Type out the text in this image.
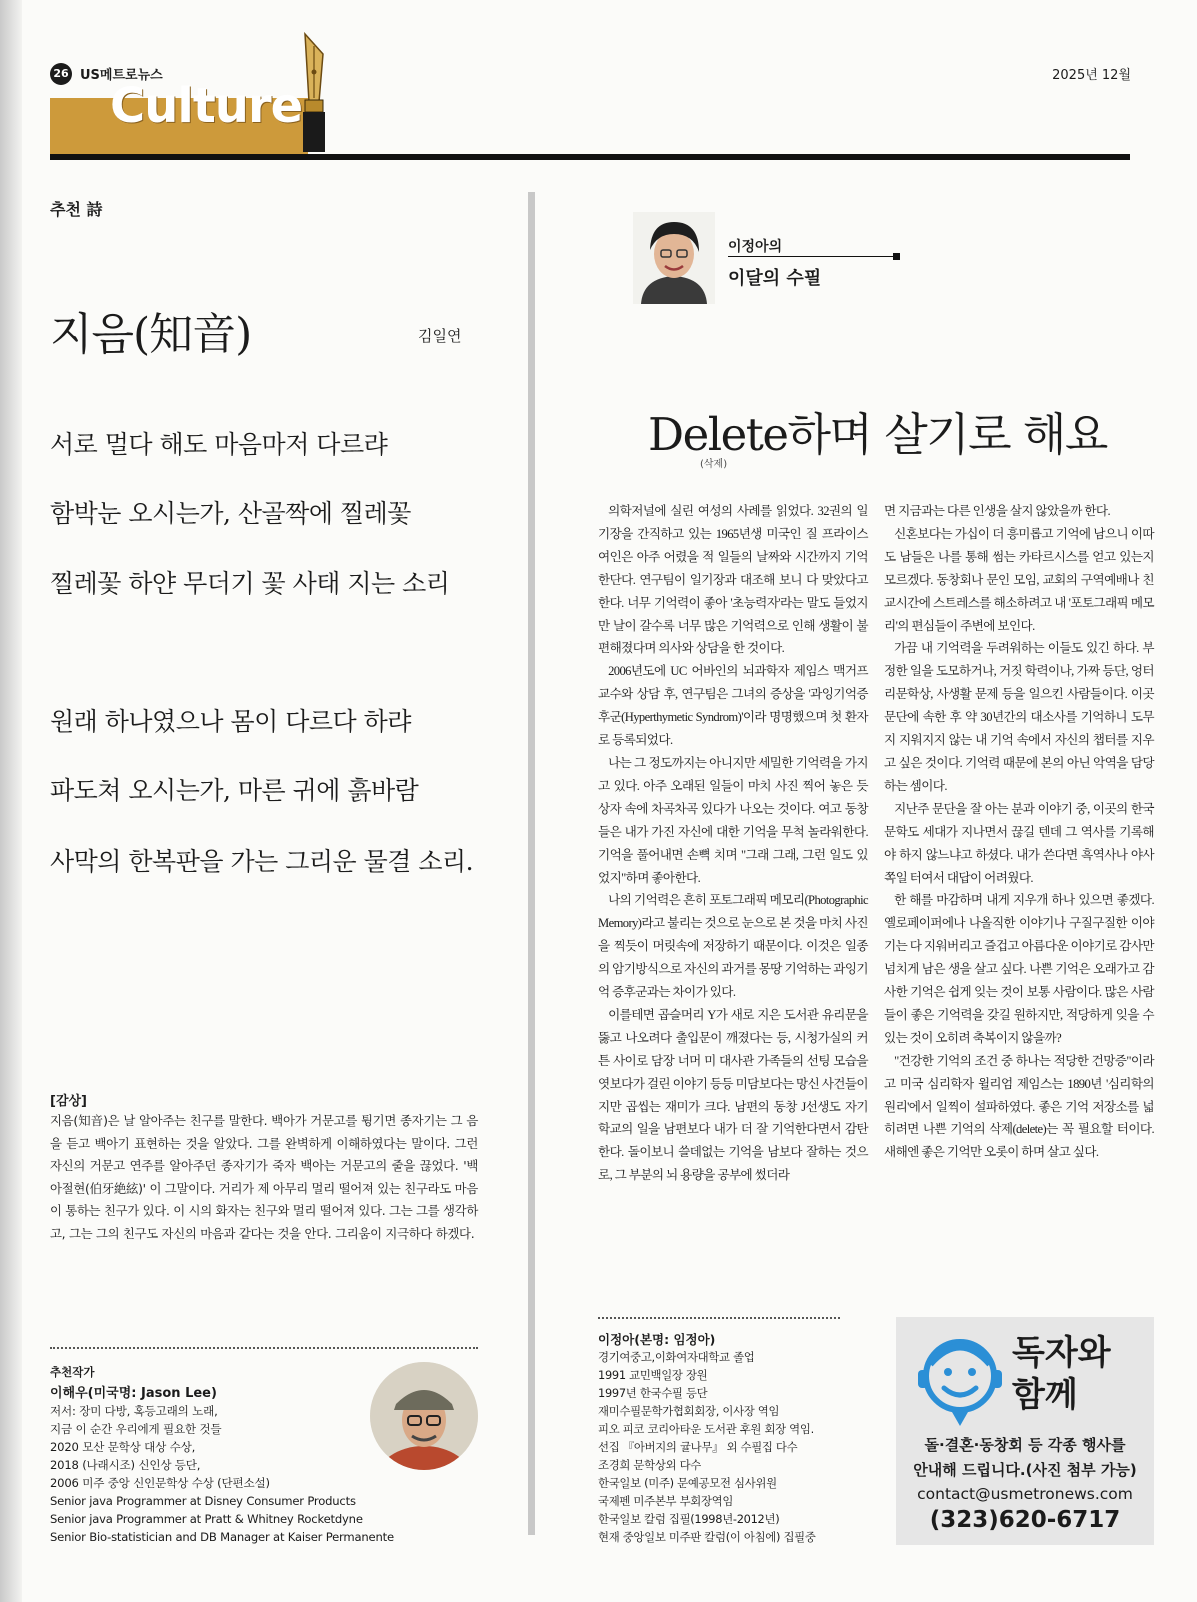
26 US메트로뉴스	2025년 12월
Culture
추천 詩
지음(知音)	김일연
서로 멀다 해도 마음마저 다르랴
함박눈 오시는가, 산골짝에 찔레꽃
찔레꽃 하얀 무더기 꽃 사태 지는 소리
원래 하나였으나 몸이 다르다 하랴
파도쳐 오시는가, 마른 귀에 흙바람
사막의 한복판을 가는 그리운 물결 소리.
[감상]
지음(知音)은 날 알아주는 친구를 말한다. 백아가 거문고를 튕기면 종자기는 그 음을 듣고 백아기 표현하는 것을 알았다. 그를 완벽하게 이해하였다는 말이다. 그런 자신의 거문고 연주를 알아주던 종자기가 죽자 백아는 거문고의 줄을 끊었다. '백아절현(伯牙絶絃)' 이 그말이다. 거리가 제 아무리 멀리 떨어져 있는 친구라도 마음이 통하는 친구가 있다. 이 시의 화자는 친구와 멀리 떨어져 있다. 그는 그를 생각하고, 그는 그의 친구도 자신의 마음과 같다는 것을 안다. 그리움이 지극하다 하겠다.
추천작가
이해우(미국명: Jason Lee)
저서: 장미 다방, 혹등고래의 노래,
지금 이 순간 우리에게 필요한 것들
2020 모산 문학상 대상 수상,
2018 (나래시조) 신인상 등단,
2006 미주 중앙 신인문학상 수상 (단편소설)
Senior java Programmer at Disney Consumer Products
Senior java Programmer at Pratt & Whitney Rocketdyne
Senior Bio-statistician and DB Manager at Kaiser Permanente
이정아의
이달의 수필
Delete하며 살기로 해요
(삭제)

의학저널에 실린 여성의 사례를 읽었다. 32권의 일기장을 간직하고 있는 1965년생 미국인 질 프라이스 여인은 아주 어렸을 적 일들의 날짜와 시간까지 기억한단다. 연구팀이 일기장과 대조해 보니 다 맞았다고 한다. 너무 기억력이 좋아 '초능력자'라는 말도 들었지만 날이 갈수록 너무 많은 기억력으로 인해 생활이 불편해졌다며 의사와 상담을 한 것이다.

2006년도에 UC 어바인의 뇌과학자 제임스 맥거프 교수와 상담 후, 연구팀은 그녀의 증상을 '과잉기억증후군(Hyperthymetic Syndrom)'이라 명명했으며 첫 환자로 등록되었다.

나는 그 정도까지는 아니지만 세밀한 기억력을 가지고 있다. 아주 오래된 일들이 마치 사진 찍어 놓은 듯 상자 속에 차곡차곡 있다가 나오는 것이다. 여고 동창들은 내가 가진 자신에 대한 기억을 무척 놀라워한다. 기억을 풀어내면 손뼉 치며 "그래 그래, 그런 일도 있었지"하며 좋아한다.

나의 기억력은 흔히 포토그래픽 메모리(Photographic Memory)라고 불리는 것으로 눈으로 본 것을 마치 사진을 찍듯이 머릿속에 저장하기 때문이다. 이것은 일종의 암기방식으로 자신의 과거를 몽땅 기억하는 과잉기억 증후군과는 차이가 있다.

이를테면 곱슬머리 Y가 새로 지은 도서관 유리문을 뚫고 나오려다 출입문이 깨졌다는 등, 시청가실의 커튼 사이로 담장 너머 미 대사관 가족들의 선팅 모습을 엿보다가 걸린 이야기 등등 미담보다는 망신 사건들이지만 곱씹는 재미가 크다. 남편의 동창 J선생도 자기 학교의 일을 남편보다 내가 더 잘 기억한다면서 감탄한다. 돌이보니 쓸데없는 기억을 남보다 잘하는 것으로, 그 부분의 뇌 용량을 공부에 썼더라

면 지금과는 다른 인생을 살지 않았을까 한다.

신혼보다는 가십이 더 흥미롭고 기억에 남으니 이따도 남들은 나를 통해 썸는 카타르시스를 얻고 있는지 모르겠다. 동창회나 문인 모임, 교회의 구역예배나 친교시간에 스트레스를 해소하려고 내 '포토그래픽 메모리'의 편심들이 주변에 보인다.

가끔 내 기억력을 두려워하는 이들도 있긴 하다. 부정한 일을 도모하거나, 거짓 학력이나, 가짜 등단, 엉터리문학상, 사생활 문제 등을 일으킨 사람들이다. 이곳 문단에 속한 후 약 30년간의 대소사를 기억하니 도무지 지워지지 않는 내 기억 속에서 자신의 챕터를 지우고 싶은 것이다. 기억력 때문에 본의 아닌 악역을 담당하는 셈이다.

지난주 문단을 잘 아는 분과 이야기 중, 이곳의 한국 문학도 세대가 지나면서 끊길 텐데 그 역사를 기록해야 하지 않느냐고 하셨다. 내가 쓴다면 흑역사나 야사 쪽일 터여서 대답이 어려웠다.

한 해를 마감하며 내게 지우개 하나 있으면 좋겠다. 옐로페이퍼에나 나올직한 이야기나 구질구질한 이야기는 다 지워버리고 즐겁고 아름다운 이야기로 감사만 넘치게 남은 생을 살고 싶다. 나쁜 기억은 오래가고 감사한 기억은 쉽게 잊는 것이 보통 사람이다. 많은 사람들이 좋은 기억력을 갖길 원하지만, 적당하게 잊을 수 있는 것이 오히려 축복이지 않을까?

"건강한 기억의 조건 중 하나는 적당한 건망증"이라고 미국 심리학자 윌리엄 제임스는 1890년 '심리학의 원리'에서 일찍이 설파하였다. 좋은 기억 저장소를 넓히려면 나쁜 기억의 삭제(delete)는 꼭 필요할 터이다. 새해엔 좋은 기억만 오롯이 하며 살고 싶다.

이정아(본명: 임정아)
경기여중고,이화여자대학교 졸업
1991 교민백일장 장원
1997년 한국수필 등단
재미수필문학가협회회장, 이사장 역임
피오 피코 코리아타운 도서관 후원 회장 역임.
선집 『아버지의 귤나무』 외 수필집 다수
조경희 문학상외 다수
한국일보 (미주) 문예공모전 심사위원
국제펜 미주본부 부회장역임
한국일보 칼럼 집필(1998년-2012년)
현재 중앙일보 미주판 칼럼(이 아침에) 집필중
독자와
함께
돌·결혼·동창회 등 각종 행사를
안내해 드립니다.(사진 첨부 가능)
contact@usmetronews.com
(323)620-6717
